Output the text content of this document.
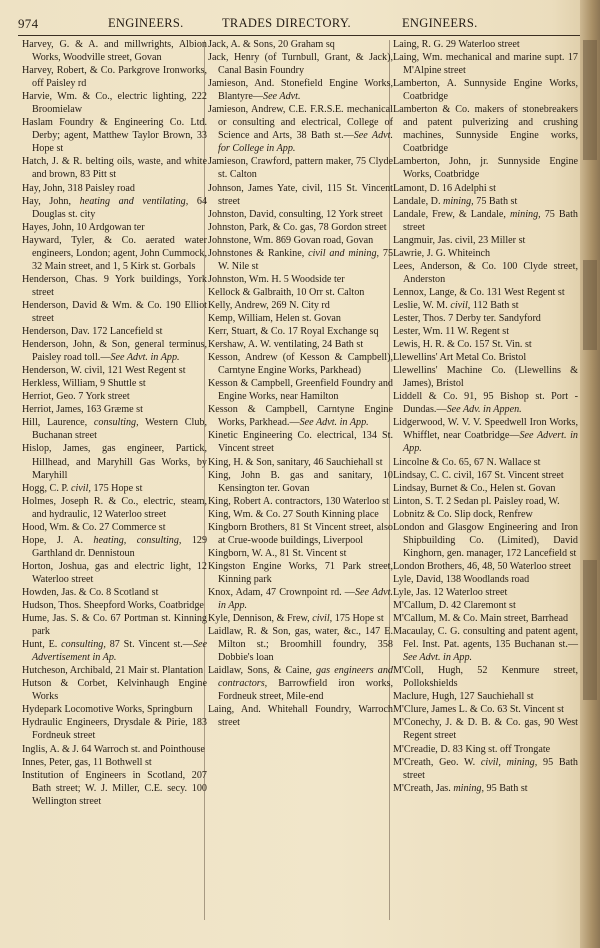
974	ENGINEERS.	TRADES DIRECTORY.	ENGINEERS.
Harvey, G. & A. and millwrights, Albion Works, Woodville street, Govan
Harvey, Robert, & Co. Parkgrove Ironworks, off Paisley rd
Harvie, Wm. & Co., electric lighting, 222 Broomielaw
Haslam Foundry & Engineering Co. Ltd. Derby; agent, Matthew Taylor Brown, 33 Hope st
Hatch, J. & R. belting oils, waste, and white and brown, 83 Pitt st
Hay, John, 318 Paisley road
Hay, John, heating and ventilating, 64 Douglas st. city
Hayes, John, 10 Ardgowan ter
Hayward, Tyler, & Co. aerated water engineers, London; agent, John Cummock, 32 Main street, and 1, 5 Kirk st. Gorbals
Henderson, Chas. 9 York buildings, York street
Henderson, David & Wm. & Co. 190 Elliot street
Henderson, Dav. 172 Lancefield st
Henderson, John, & Son, general terminus, Paisley road toll.—See Advt. in App.
Henderson, W. civil, 121 West Regent st
Herkless, William, 9 Shuttle st
Herriot, Geo. 7 York street
Herriot, James, 163 Græme st
Hill, Laurence, consulting, Western Club, Buchanan street
Hislop, James, gas engineer, Partick, Hillhead, and Maryhill Gas Works, by Maryhill
Hogg, C. P. civil, 175 Hope st
Holmes, Joseph R. & Co., electric, steam, and hydraulic, 12 Waterloo street
Hood, Wm. & Co. 27 Commerce st
Hope, J. A. heating, consulting, 129 Garthland dr. Dennistoun
Horton, Joshua, gas and electric light, 12 Waterloo street
Howden, Jas. & Co. 8 Scotland st
Hudson, Thos. Sheepford Works, Coatbridge
Hume, Jas. S. & Co. 67 Portman st. Kinning park
Hunt, E. consulting, 87 St. Vincent st.—See Advertisement in Ap.
Hutcheson, Archibald, 21 Mair st. Plantation
Hutson & Corbet, Kelvinhaugh Engine Works
Hydepark Locomotive Works, Springburn
Hydraulic Engineers, Drysdale & Pirie, 183 Fordneuk street
Inglis, A. & J. 64 Warroch st. and Pointhouse
Innes, Peter, gas, 11 Bothwell st
Institution of Engineers in Scotland, 207 Bath street; W. J. Miller, C.E. secy. 100 Wellington street
Jack, A. & Sons, 20 Graham sq
Jack, Henry (of Turnbull, Grant, & Jack), Canal Basin Foundry
Jamieson, And. Stonefield Engine Works, Blantyre—See Advt.
Jamieson, Andrew, C.E. F.R.S.E. mechanical or consulting and electrical, College of Science and Arts, 38 Bath st.—See Advt. for College in App.
Jamieson, Crawford, pattern maker, 75 Clyde st. Calton
Johnson, James Yate, civil, 115 St. Vincent street
Johnston, David, consulting, 12 York street
Johnston, Park, & Co. gas, 78 Gordon street
Johnstone, Wm. 869 Govan road, Govan
Johnstones & Rankine, civil and mining, 75 W. Nile st
Johnston, Wm. H. 5 Woodside ter
Kellock & Galbraith, 10 Orr st. Calton
Kelly, Andrew, 269 N. City rd
Kemp, William, Helen st. Govan
Kerr, Stuart, & Co. 17 Royal Exchange sq
Kershaw, A. W. ventilating, 24 Bath st
Kesson, Andrew (of Kesson & Campbell), Carntyne Engine Works, Parkhead)
Kesson & Campbell, Greenfield Foundry and Engine Works, near Hamilton
Kesson & Campbell, Carntyne Engine Works, Parkhead.—See Advt. in App.
Kinetic Engineering Co. electrical, 134 St. Vincent street
King, H. & Son, sanitary, 46 Sauchiehall st
King, John B. gas and sanitary, 10 Kensington ter. Govan
King, Robert A. contractors, 130 Waterloo st
King, Wm. & Co. 27 South Kinning place
Kingborn Brothers, 81 St Vincent street, also at Crue-woode buildings, Liverpool
Kingborn, W. A., 81 St. Vincent st
Kingston Engine Works, 71 Park street, Kinning park
Knox, Adam, 47 Crownpoint rd. —See Advt. in App.
Kyle, Dennison, & Frew, civil, 175 Hope st
Laidlaw, R. & Son, gas, water, &c., 147 E. Milton st.; Broomhill foundry, 358 Dobbie's loan
Laidlaw, Sons, & Caine, gas engineers and contractors, Barrowfield iron works, Fordneuk street, Mile-end
Laing, And. Whitehall Foundry, Warroch street
Laing, R. G. 29 Waterloo street
Laing, Wm. mechanical and marine supt. 17 M'Alpine street
Lamberton, A. Sunnyside Engine Works, Coatbridge
Lamberton & Co. makers of stonebreakers and patent pulverizing and crushing machines, Sunnyside Engine works, Coatbridge
Lamberton, John, jr. Sunnyside Engine Works, Coatbridge
Lamont, D. 16 Adelphi st
Landale, D. mining, 75 Bath st
Landale, Frew, & Landale, mining, 75 Bath street
Langmuir, Jas. civil, 23 Miller st
Lawrie, J. G. Whiteinch
Lees, Anderson, & Co. 100 Clyde street, Anderston
Lennox, Lange, & Co. 131 West Regent st
Leslie, W. M. civil, 112 Bath st
Lester, Thos. 7 Derby ter. Sandyford
Lester, Wm. 11 W. Regent st
Lewis, H. R. & Co. 157 St. Vin. st
Llewellins' Art Metal Co. Bristol
Llewellins' Machine Co. (Llewellins & James), Bristol
Liddell & Co. 91, 95 Bishop st. Port - Dundas.—See Adv. in Appen.
Lidgerwood, W. V. V. Speedwell Iron Works, Whifflet, near Coatbridge—See Advert. in App.
Lincolne & Co. 65, 67 N. Wallace st
Lindsay, C. C. civil, 167 St. Vincent street
Lindsay, Burnet & Co., Helen st. Govan
Linton, S. T. 2 Sedan pl. Paisley road, W.
Lobnitz & Co. Slip dock, Renfrew
London and Glasgow Engineering and Iron Shipbuilding Co. (Limited), David Kinghorn, gen. manager, 172 Lancefield st
London Brothers, 46, 48, 50 Waterloo street
Lyle, David, 138 Woodlands road
Lyle, Jas. 12 Waterloo street
M'Callum, D. 42 Claremont st
M'Callum, M. & Co. Main street, Barrhead
Macaulay, C. G. consulting and patent agent, Fel. Inst. Pat. agents, 135 Buchanan st.—See Advt. in App.
M'Coll, Hugh, 52 Kenmure street, Pollokshields
Maclure, Hugh, 127 Sauchiehall st
M'Clure, James L. & Co. 63 St. Vincent st
M'Conechy, J. & D. B. & Co. gas, 90 West Regent street
M'Creadie, D. 83 King st. off Trongate
M'Creath, Geo. W. civil, mining, 95 Bath street
M'Creath, Jas. mining, 95 Bath st
